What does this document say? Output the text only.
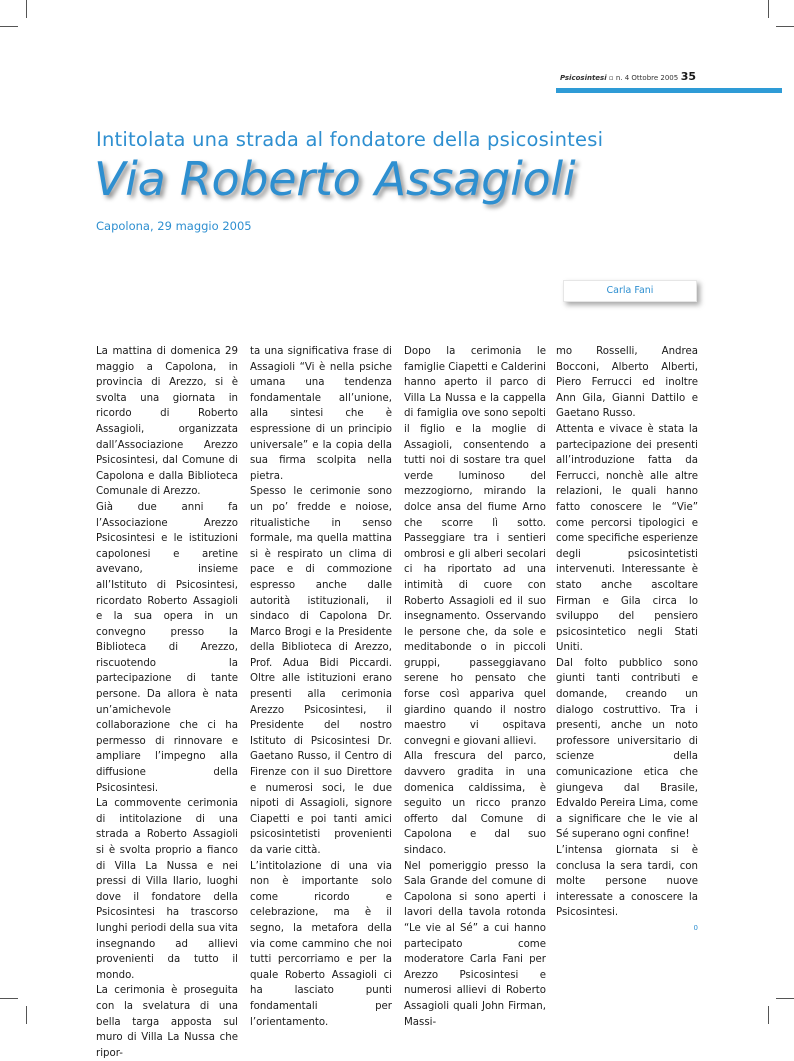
Psicosintesi ▫ n. 4 Ottobre 2005 35
Intitolata una strada al fondatore della psicosintesi
Via Roberto Assagioli
Capolona, 29 maggio 2005
Carla Fani

La mattina di domenica 29 maggio a Capolona, in provincia di Arezzo, si è svolta una giornata in ricordo di Roberto Assagioli, organizzata dall’Associazione Arezzo Psicosintesi, dal Comune di Capolona e dalla Biblioteca Comunale di Arezzo.

Già due anni fa l’Associazione Arezzo Psicosintesi e le istituzioni capolonesi e aretine avevano, insieme all’Istituto di Psicosintesi, ricordato Roberto Assagioli e la sua opera in un convegno presso la Biblioteca di Arezzo, riscuotendo la partecipazione di tante persone. Da allora è nata un’amichevole collaborazione che ci ha permesso di rinnovare e ampliare l’impegno alla diffusione della Psicosintesi.

La commovente cerimonia di intitolazione di una strada a Roberto Assagioli si è svolta proprio a fianco di Villa La Nussa e nei pressi di Villa Ilario, luoghi dove il fondatore della Psicosintesi ha trascorso lunghi periodi della sua vita insegnando ad allievi provenienti da tutto il mondo.

La cerimonia è proseguita con la svelatura di una bella targa apposta sul muro di Villa La Nussa che ripor-

ta una significativa frase di Assagioli “Vi è nella psiche umana una tendenza fondamentale all’unione, alla sintesi che è espressione di un principio universale” e la copia della sua firma scolpita nella pietra.

Spesso le cerimonie sono un po’ fredde e noiose, ritualistiche in senso formale, ma quella mattina si è respirato un clima di pace e di commozione espresso anche dalle autorità istituzionali, il sindaco di Capolona Dr. Marco Brogi e la Presidente della Biblioteca di Arezzo, Prof. Adua Bidi Piccardi. Oltre alle istituzioni erano presenti alla cerimonia Arezzo Psicosintesi, il Presidente del nostro Istituto di Psicosintesi Dr. Gaetano Russo, il Centro di Firenze con il suo Direttore e numerosi soci, le due nipoti di Assagioli, signore Ciapetti e poi tanti amici psicosintetisti provenienti da varie città.

L’intitolazione di una via non è importante solo come ricordo e celebrazione, ma è il segno, la metafora della via come cammino che noi tutti percorriamo e per la quale Roberto Assagioli ci ha lasciato punti fondamentali per l’orientamento.

Dopo la cerimonia le famiglie Ciapetti e Calderini hanno aperto il parco di Villa La Nussa e la cappella di famiglia ove sono sepolti il figlio e la moglie di Assagioli, consentendo a tutti noi di sostare tra quel verde luminoso del mezzogiorno, mirando la dolce ansa del fiume Arno che scorre lì sotto. Passeggiare tra i sentieri ombrosi e gli alberi secolari ci ha riportato ad una intimità di cuore con Roberto Assagioli ed il suo insegnamento. Osservando le persone che, da sole e meditabonde o in piccoli gruppi, passeggiavano serene ho pensato che forse così appariva quel giardino quando il nostro maestro vi ospitava convegni e giovani allievi.

Alla frescura del parco, davvero gradita in una domenica caldissima, è seguito un ricco pranzo offerto dal Comune di Capolona e dal suo sindaco.

Nel pomeriggio presso la Sala Grande del comune di Capolona si sono aperti i lavori della tavola rotonda “Le vie al Sé” a cui hanno partecipato come moderatore Carla Fani per Arezzo Psicosintesi e numerosi allievi di Roberto Assagioli quali John Firman, Massi-

mo Rosselli, Andrea Bocconi, Alberto Alberti, Piero Ferrucci ed inoltre Ann Gila, Gianni Dattilo e Gaetano Russo.

Attenta e vivace è stata la partecipazione dei presenti all’introduzione fatta da Ferrucci, nonchè alle altre relazioni, le quali hanno fatto conoscere le “Vie” come percorsi tipologici e come specifiche esperienze degli psicosintetisti intervenuti. Interessante è stato anche ascoltare Firman e Gila circa lo sviluppo del pensiero psicosintetico negli Stati Uniti.

Dal folto pubblico sono giunti tanti contributi e domande, creando un dialogo costruttivo. Tra i presenti, anche un noto professore universitario di scienze della comunicazione etica che giungeva dal Brasile, Edvaldo Pereira Lima, come a significare che le vie al Sé superano ogni confine!

L’intensa giornata si è conclusa la sera tardi, con molte persone nuove interessate a conoscere la Psicosintesi.

0
